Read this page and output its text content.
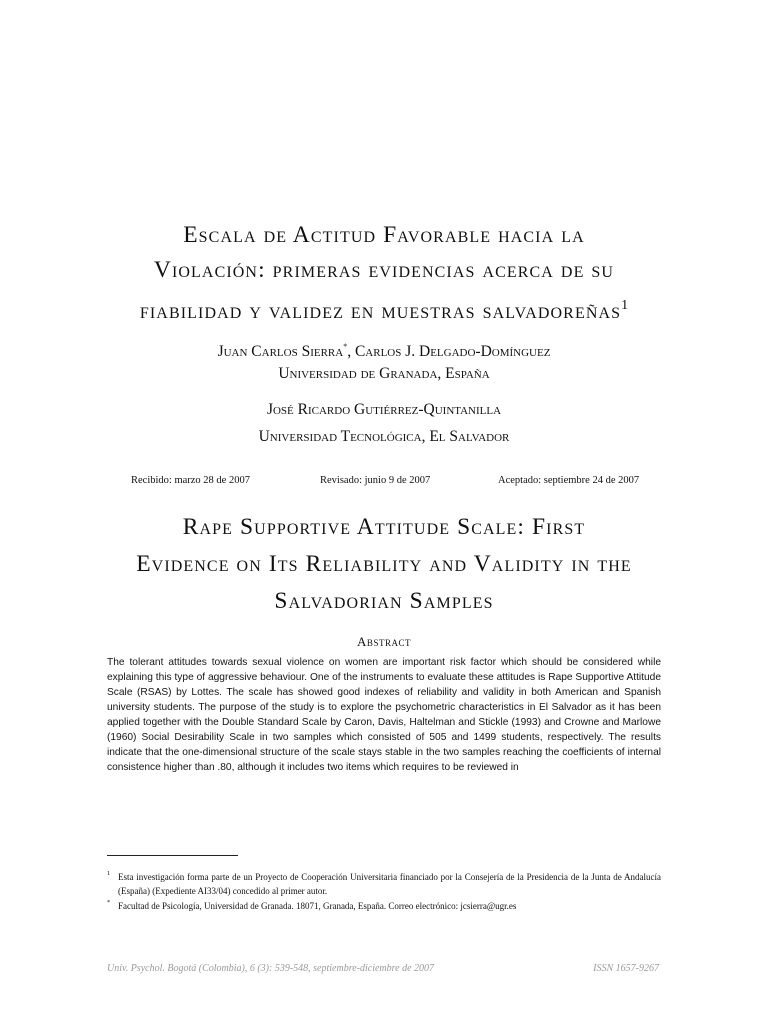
Escala de Actitud Favorable hacia la
Violación: primeras evidencias acerca de su
fiabilidad y validez en muestras salvadoreñas$^1$
Juan Carlos Sierra*, Carlos J. Delgado-Domínguez
Universidad de Granada, España
José Ricardo Gutiérrez-Quintanilla
Universidad Tecnológica, El Salvador
Recibido: marzo 28 de 2007	Revisado: junio 9 de 2007	Aceptado: septiembre 24 de 2007
Rape Supportive Attitude Scale: First
Evidence on Its Reliability and Validity in the
Salvadorian Samples
Abstract

The tolerant attitudes towards sexual violence on women are important risk factor which should be considered while explaining this type of aggressive behaviour. One of the instruments to evaluate these attitudes is Rape Supportive Attitude Scale (RSAS) by Lottes. The scale has showed good indexes of reliability and validity in both American and Spanish university students. The purpose of the study is to explore the psychometric characteristics in El Salvador as it has been applied together with the Double Standard Scale by Caron, Davis, Haltelman and Stickle (1993) and Crowne and Marlowe (1960) Social Desirability Scale in two samples which consisted of 505 and 1499 students, respectively. The results indicate that the one-dimensional structure of the scale stays stable in the two samples reaching the coefficients of internal consistence higher than .80, although it includes two items which requires to be reviewed in

1 Esta investigación forma parte de un Proyecto de Cooperación Universitaria financiado por la Consejería de la Presidencia de la Junta de Andalucía (España) (Expediente AI33/04) concedido al primer autor.

* Facultad de Psicología, Universidad de Granada. 18071, Granada, España. Correo electrónico: jcsierra@ugr.es

Univ. Psychol. Bogotá (Colombia), 6 (3): 539-548, septiembre-diciembre de 2007	ISSN 1657-9267
